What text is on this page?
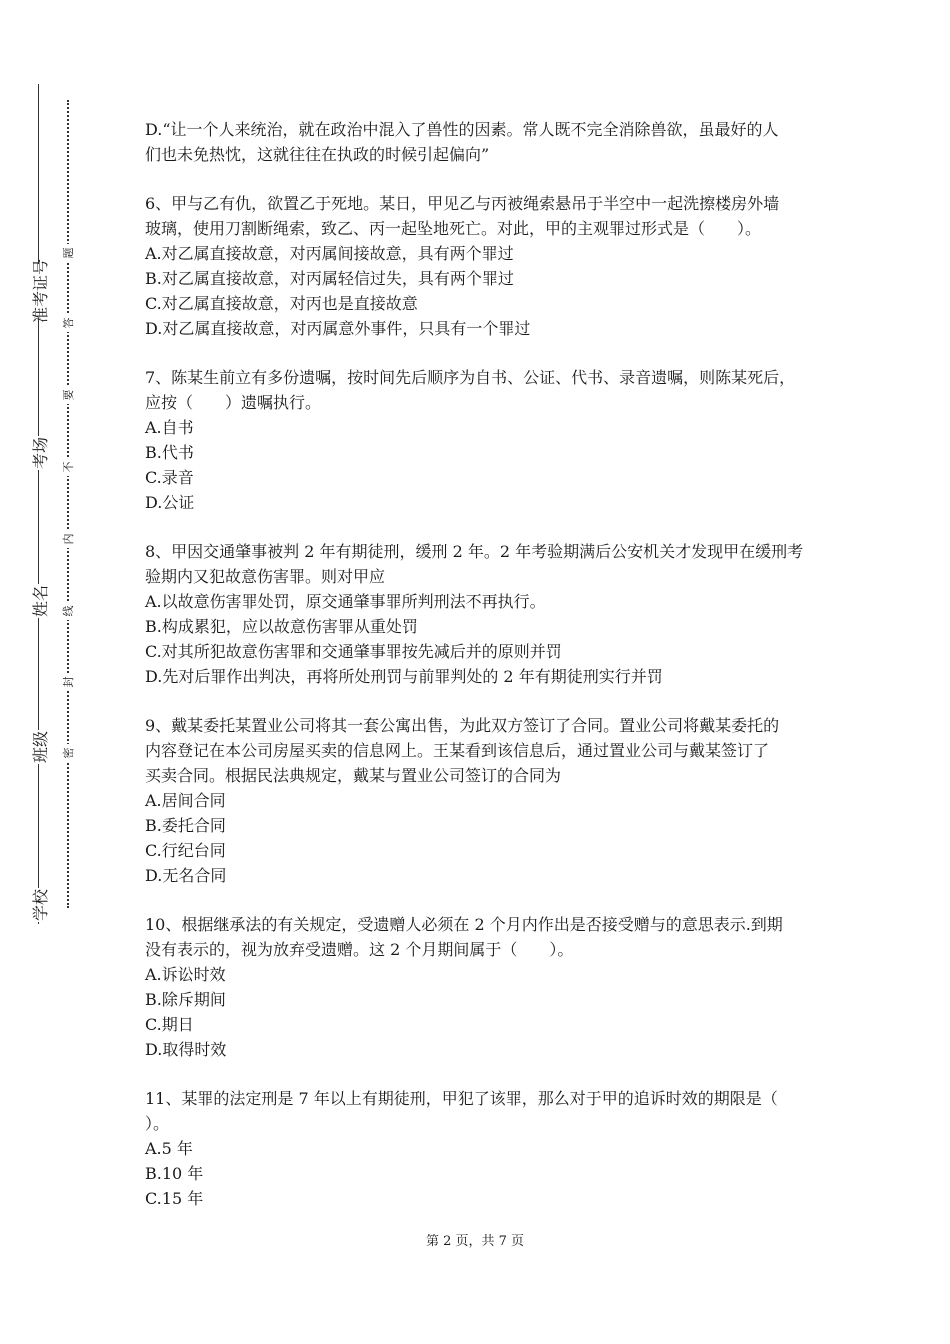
准考证号
考场
姓名
班级
学校
题
答
要
不
内
线
封
密

D.“让一个人来统治，就在政治中混入了兽性的因素。常人既不完全消除兽欲，虽最好的人

们也未免热忱，这就往往在执政的时候引起偏向”

6、甲与乙有仇，欲置乙于死地。某日，甲见乙与丙被绳索悬吊于半空中一起洗擦楼房外墙

玻璃，使用刀割断绳索，致乙、丙一起坠地死亡。对此，甲的主观罪过形式是（　　）。

A.对乙属直接故意，对丙属间接故意，具有两个罪过

B.对乙属直接故意，对丙属轻信过失，具有两个罪过

C.对乙属直接故意，对丙也是直接故意

D.对乙属直接故意，对丙属意外事件，只具有一个罪过

7、陈某生前立有多份遗嘱，按时间先后顺序为自书、公证、代书、录音遗嘱，则陈某死后，

应按（　　）遗嘱执行。

A.自书

B.代书

C.录音

D.公证

8、甲因交通肇事被判 2 年有期徒刑，缓刑 2 年。2 年考验期满后公安机关才发现甲在缓刑考

验期内又犯故意伤害罪。则对甲应

A.以故意伤害罪处罚，原交通肇事罪所判刑法不再执行。

B.构成累犯，应以故意伤害罪从重处罚

C.对其所犯故意伤害罪和交通肇事罪按先减后并的原则并罚

D.先对后罪作出判决，再将所处刑罚与前罪判处的 2 年有期徒刑实行并罚

9、戴某委托某置业公司将其一套公寓出售，为此双方签订了合同。置业公司将戴某委托的

内容登记在本公司房屋买卖的信息网上。王某看到该信息后，通过置业公司与戴某签订了

买卖合同。根据民法典规定，戴某与置业公司签订的合同为

A.居间合同

B.委托合同

C.行纪台同

D.无名合同

10、根据继承法的有关规定，受遗赠人必须在 2 个月内作出是否接受赠与的意思表示.到期

没有表示的，视为放弃受遗赠。这 2 个月期间属于（　　）。

A.诉讼时效

B.除斥期间

C.期日

D.取得时效

11、某罪的法定刑是 7 年以上有期徒刑，甲犯了该罪，那么对于甲的追诉时效的期限是（

）。

A.5 年

B.10 年

C.15 年

第 2 页，共 7 页
